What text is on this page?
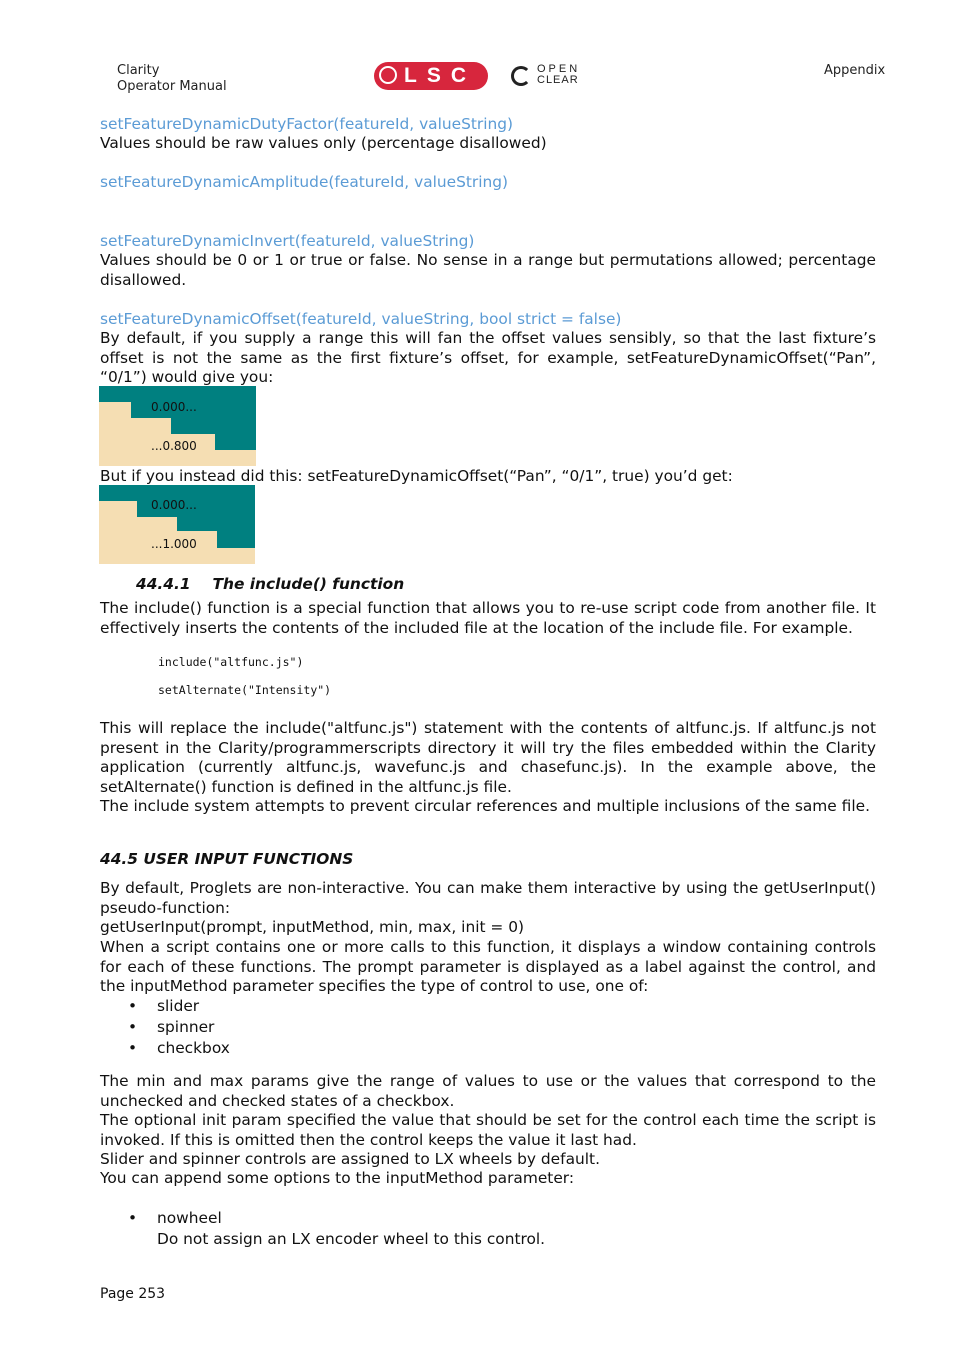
Clarity
Operator Manual	LSC	OPEN
CLEAR
Appendix
setFeatureDynamicDutyFactor(featureId, valueString)
Values should be raw values only (percentage disallowed)
setFeatureDynamicAmplitude(featureId, valueString)
setFeatureDynamicInvert(featureId, valueString)
Values should be 0 or 1 or true or false. No sense in a range but permutations allowed; percentage disallowed.
setFeatureDynamicOffset(featureId, valueString, bool strict = false)
By default, if you supply a range this will fan the offset values sensibly, so that the last fixture’s offset is not the same as the first fixture’s offset, for example, setFeatureDynamicOffset(“Pan”, “0/1”) would give you:
0.000...
...0.800
But if you instead did this: setFeatureDynamicOffset(“Pan”, “0/1”, true) you’d get:
0.000...
...1.000
44.4.1 The include() function
The include() function is a special function that allows you to re-use script code from another file. It effectively inserts the contents of the included file at the location of the include file. For example.
include("altfunc.js")
setAlternate("Intensity")
This will replace the include("altfunc.js") statement with the contents of altfunc.js. If altfunc.js not present in the Clarity/programmerscripts directory it will try the files embedded within the Clarity application (currently altfunc.js, wavefunc.js and chasefunc.js). In the example above, the setAlternate() function is defined in the altfunc.js file.
The include system attempts to prevent circular references and multiple inclusions of the same file.
44.5 USER INPUT FUNCTIONS
By default, Proglets are non-interactive. You can make them interactive by using the getUserInput() pseudo-function:
getUserInput(prompt, inputMethod, min, max, init = 0)
When a script contains one or more calls to this function, it displays a window containing controls for each of these functions. The prompt parameter is displayed as a label against the control, and the inputMethod parameter specifies the type of control to use, one of:
• slider
• spinner
• checkbox
The min and max params give the range of values to use or the values that correspond to the unchecked and checked states of a checkbox.
The optional init param specified the value that should be set for the control each time the script is invoked. If this is omitted then the control keeps the value it last had.
Slider and spinner controls are assigned to LX wheels by default.
You can append some options to the inputMethod parameter:
• nowheel
Do not assign an LX encoder wheel to this control.
Page 253
